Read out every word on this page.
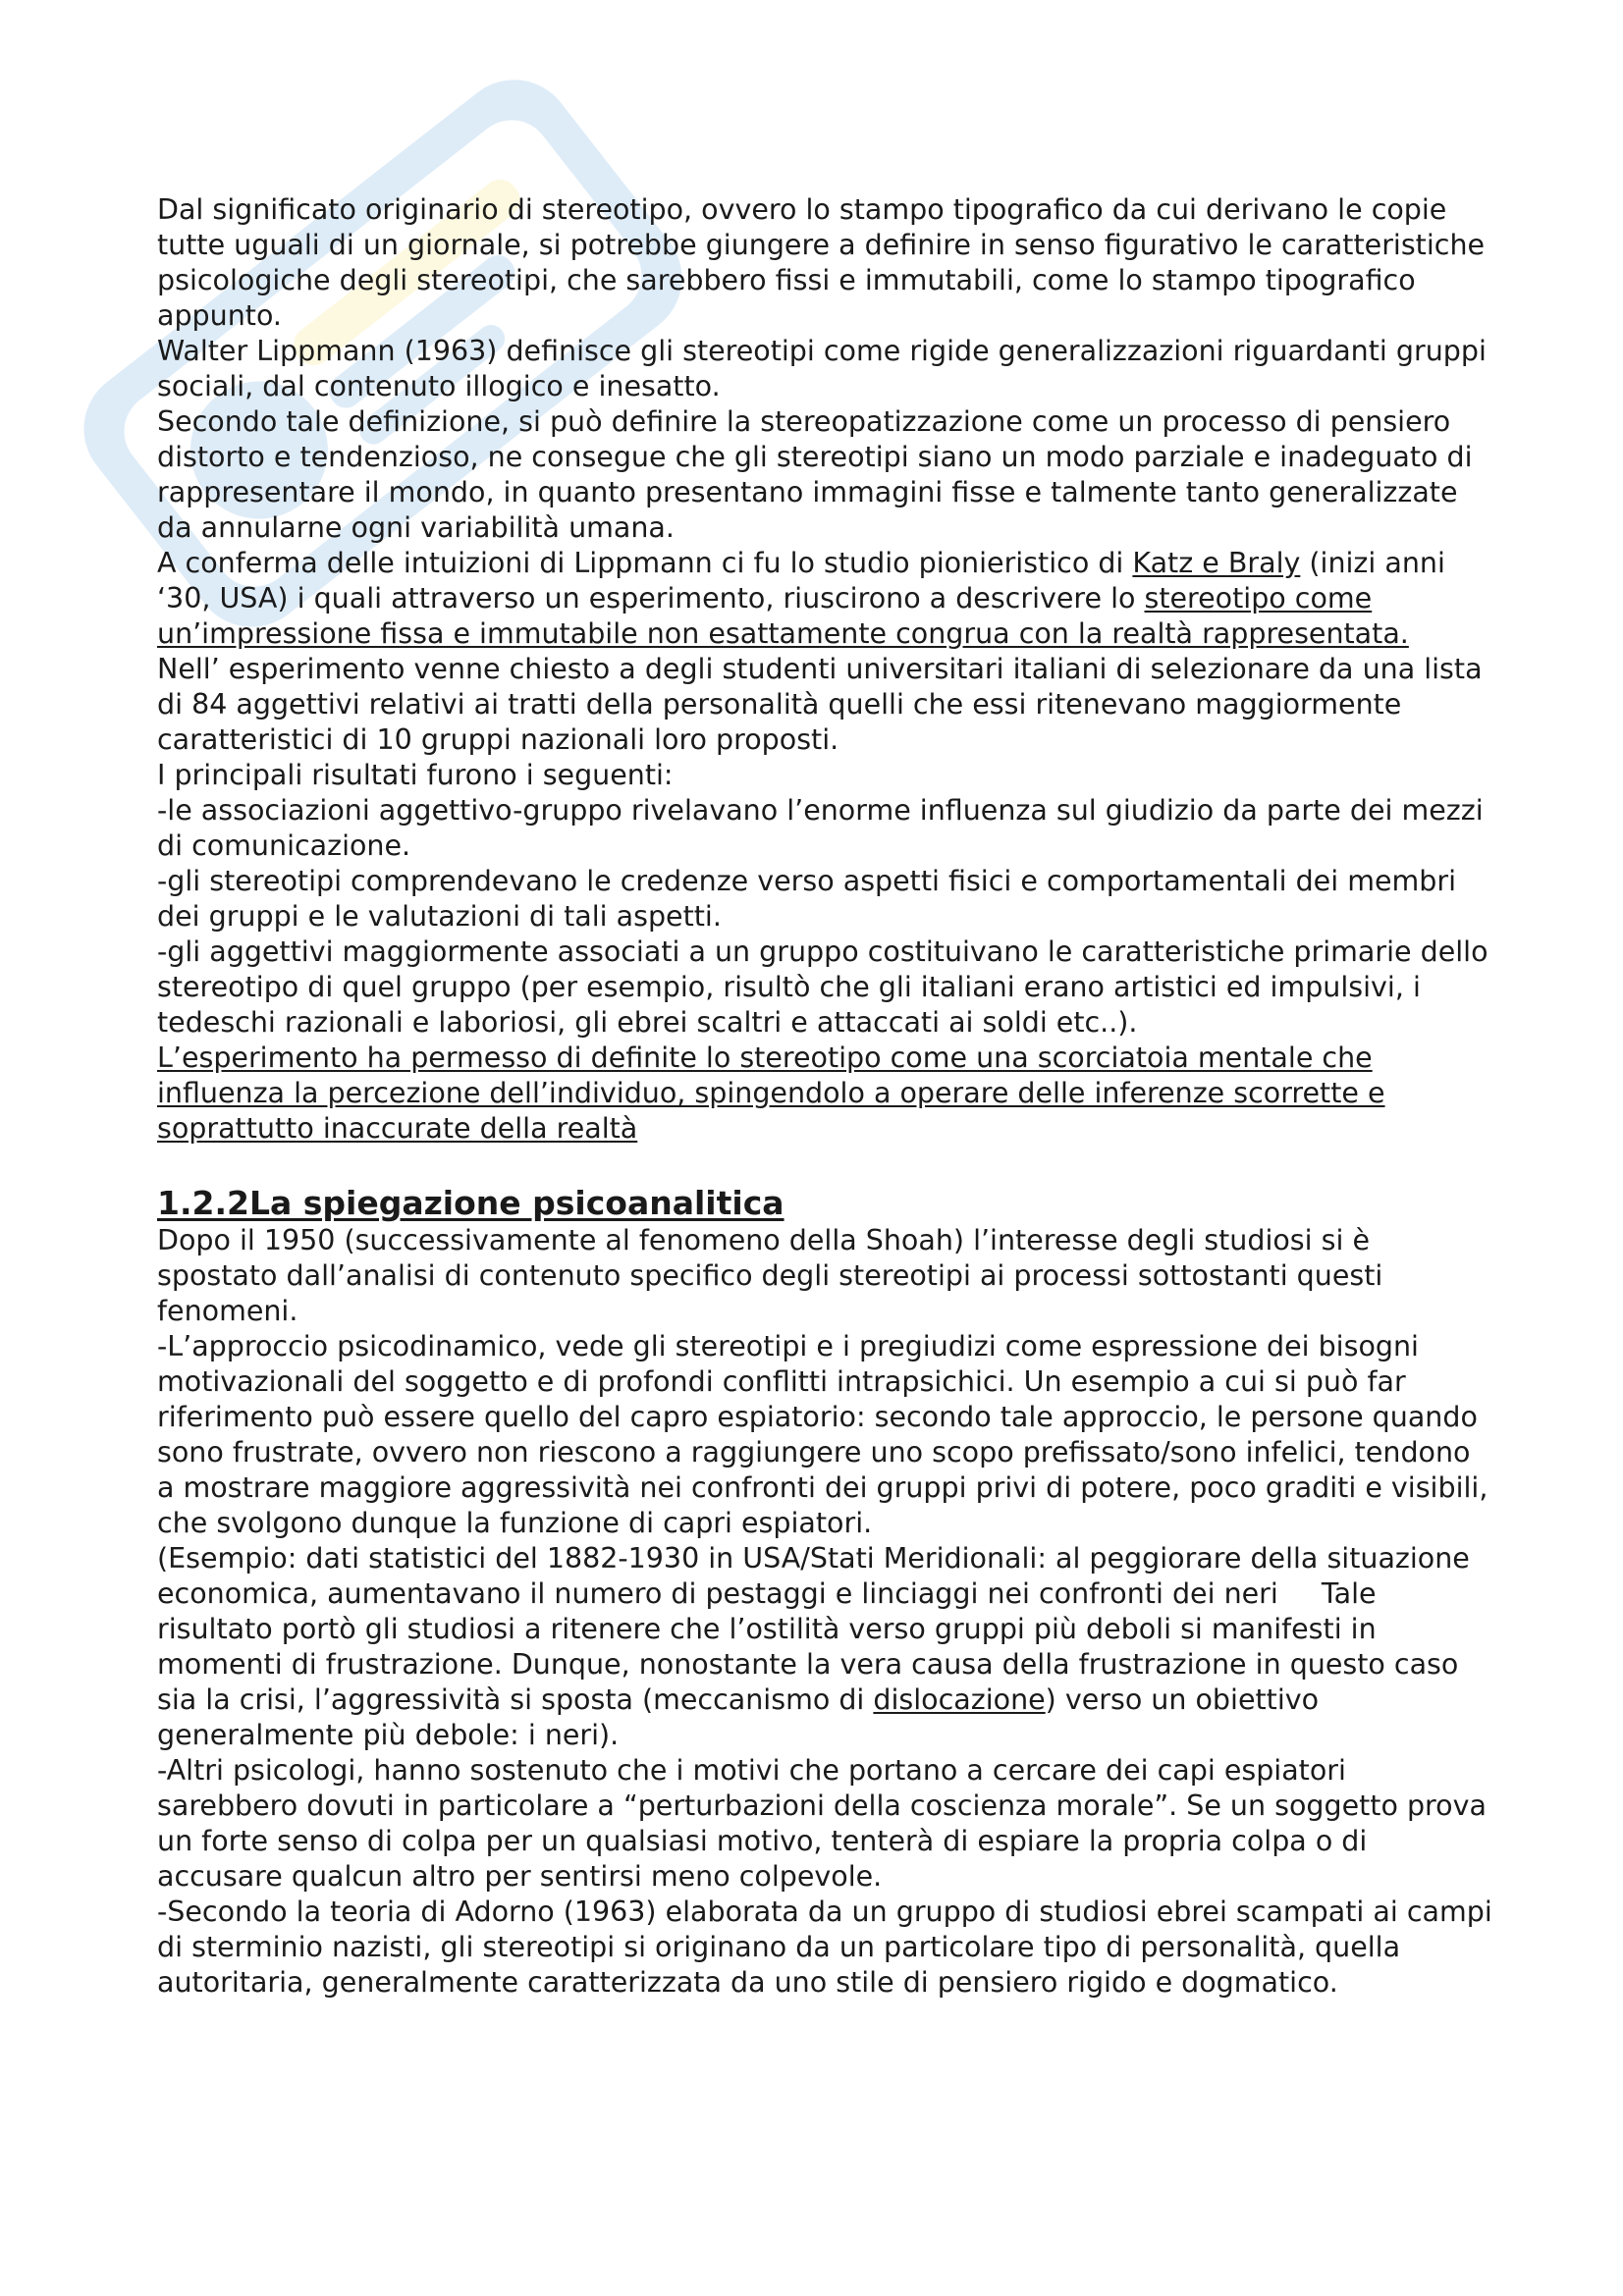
Dal significato originario di stereotipo, ovvero lo stampo tipografico da cui derivano le copie tutte uguali di un giornale, si potrebbe giungere a definire in senso figurativo le caratteristiche psicologiche degli stereotipi, che sarebbero fissi e immutabili, come lo stampo tipografico appunto.

Walter Lippmann (1963) definisce gli stereotipi come rigide generalizzazioni riguardanti gruppi sociali, dal contenuto illogico e inesatto.

Secondo tale definizione, si può definire la stereopatizzazione come un processo di pensiero distorto e tendenzioso, ne consegue che gli stereotipi siano un modo parziale e inadeguato di rappresentare il mondo, in quanto presentano immagini fisse e talmente tanto generalizzate da annularne ogni variabilità umana.

A conferma delle intuizioni di Lippmann ci fu lo studio pionieristico di Katz e Braly (inizi anni ‘30, USA) i quali attraverso un esperimento, riuscirono a descrivere lo stereotipo come un’impressione fissa e immutabile non esattamente congrua con la realtà rappresentata.

Nell’ esperimento venne chiesto a degli studenti universitari italiani di selezionare da una lista di 84 aggettivi relativi ai tratti della personalità quelli che essi ritenevano maggiormente caratteristici di 10 gruppi nazionali loro proposti.

I principali risultati furono i seguenti:

-le associazioni aggettivo-gruppo rivelavano l’enorme influenza sul giudizio da parte dei mezzi di comunicazione.

-gli stereotipi comprendevano le credenze verso aspetti fisici e comportamentali dei membri dei gruppi e le valutazioni di tali aspetti.

-gli aggettivi maggiormente associati a un gruppo costituivano le caratteristiche primarie dello stereotipo di quel gruppo (per esempio, risultò che gli italiani erano artistici ed impulsivi, i tedeschi razionali e laboriosi, gli ebrei scaltri e attaccati ai soldi etc..).

L’esperimento ha permesso di definite lo stereotipo come una scorciatoia mentale che influenza la percezione dell’individuo, spingendolo a operare delle inferenze scorrette e soprattutto inaccurate della realtà

1.2.2La spiegazione psicoanalitica

Dopo il 1950 (successivamente al fenomeno della Shoah) l’interesse degli studiosi si è spostato dall’analisi di contenuto specifico degli stereotipi ai processi sottostanti questi fenomeni.

-L’approccio psicodinamico, vede gli stereotipi e i pregiudizi come espressione dei bisogni motivazionali del soggetto e di profondi conflitti intrapsichici. Un esempio a cui si può far riferimento può essere quello del capro espiatorio: secondo tale approccio, le persone quando sono frustrate, ovvero non riescono a raggiungere uno scopo prefissato/sono infelici, tendono a mostrare maggiore aggressività nei confronti dei gruppi privi di potere, poco graditi e visibili, che svolgono dunque la funzione di capri espiatori.

(Esempio: dati statistici del 1882-1930 in USA/Stati Meridionali: al peggiorare della situazione economica, aumentavano il numero di pestaggi e linciaggi nei confronti dei neri Tale risultato portò gli studiosi a ritenere che l’ostilità verso gruppi più deboli si manifesti in momenti di frustrazione. Dunque, nonostante la vera causa della frustrazione in questo caso sia la crisi, l’aggressività si sposta (meccanismo di dislocazione) verso un obiettivo generalmente più debole: i neri).

-Altri psicologi, hanno sostenuto che i motivi che portano a cercare dei capi espiatori sarebbero dovuti in particolare a “perturbazioni della coscienza morale”. Se un soggetto prova un forte senso di colpa per un qualsiasi motivo, tenterà di espiare la propria colpa o di accusare qualcun altro per sentirsi meno colpevole.

-Secondo la teoria di Adorno (1963) elaborata da un gruppo di studiosi ebrei scampati ai campi di sterminio nazisti, gli stereotipi si originano da un particolare tipo di personalità, quella autoritaria, generalmente caratterizzata da uno stile di pensiero rigido e dogmatico.
